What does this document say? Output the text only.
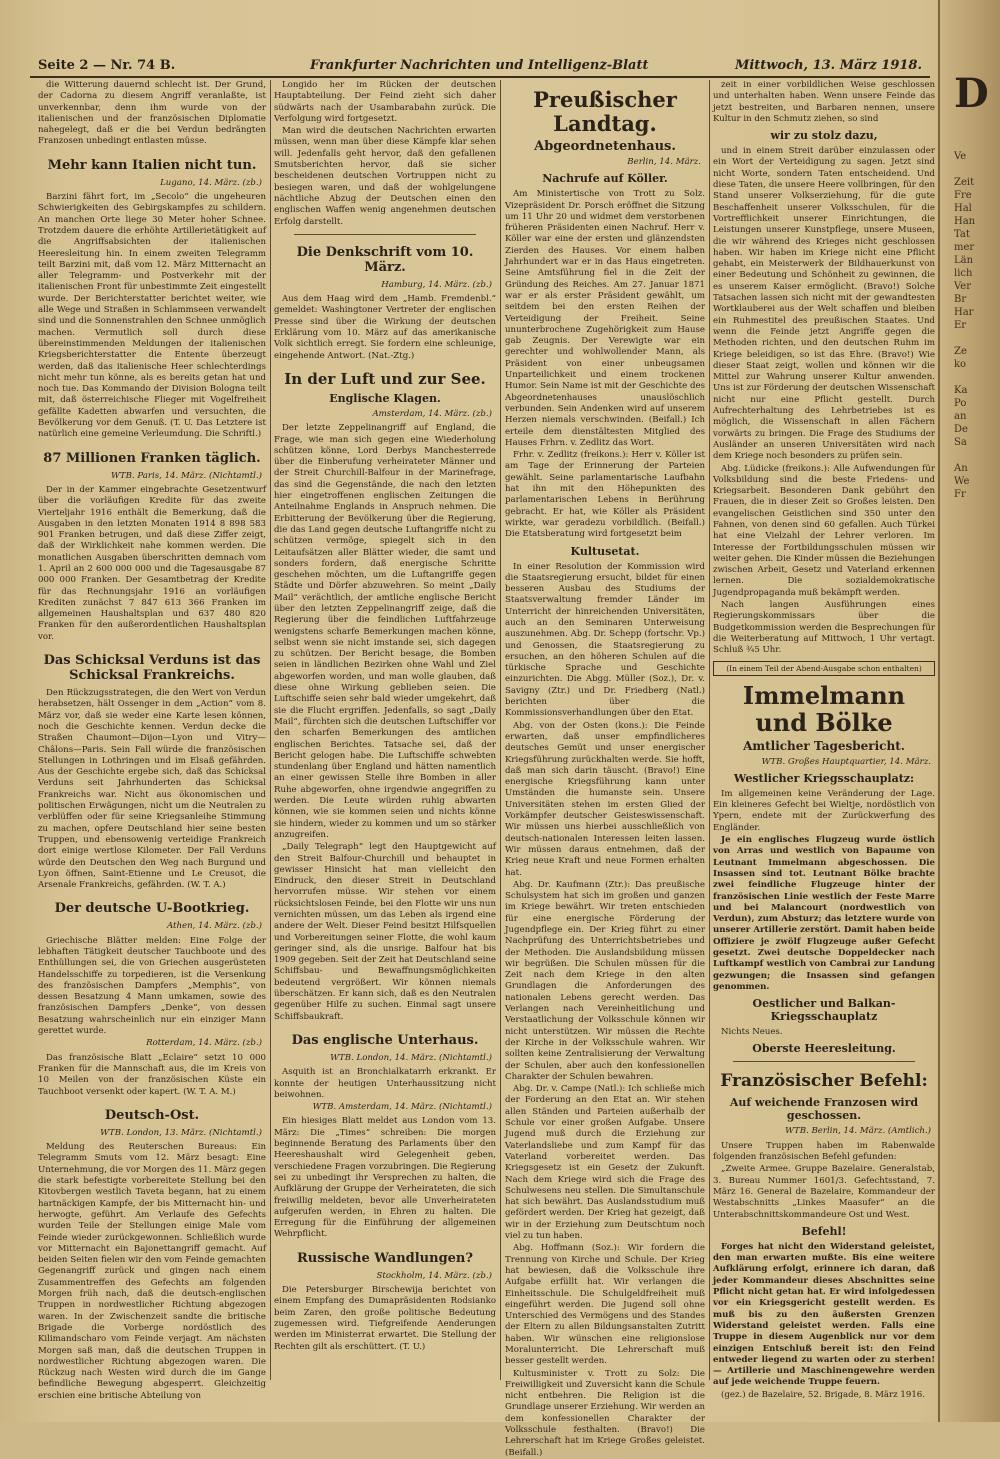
Seite 2 — Nr. 74 B.	Frankfurter Nachrichten und Intelligenz-Blatt	Mittwoch, 13. März 1918.

die Witterung dauernd schlecht ist. Der Grund, der Cadorna zu diesem Angriff veranlaßte, ist unverkennbar, denn ihm wurde von der italienischen und der französischen Diplomatie nahegelegt, daß er die bei Verdun bedrängten Franzosen unbedingt entlasten müsse.

Mehr kann Italien nicht tun.
Lugano, 14. März. (zb.)

Barzini fährt fort, im „Secolo“ die ungeheuren Schwierigkeiten des Gebirgskampfes zu schildern. An manchen Orte liege 30 Meter hoher Schnee. Trotzdem dauere die erhöhte Artillerietätigkeit auf die Angriffsabsichten der italienischen Heeresleitung hin. In einem zweiten Telegramm teilt Barzini mit, daß vom 12. März Mitternacht an aller Telegramm- und Postverkehr mit der italienischen Front für unbestimmte Zeit eingestellt wurde. Der Berichterstatter berichtet weiter, wie alle Wege und Straßen in Schlammseen verwandelt sind und die Sonnenstrahlen den Schnee unmöglich machen. Vermutlich soll durch diese übereinstimmenden Meldungen der italienischen Kriegsberichterstatter die Entente überzeugt werden, daß das italienische Heer schlechterdings nicht mehr tun könne, als es bereits getan hat und noch tue. Das Kommando der Division Bologna teilt mit, daß österreichische Flieger mit Vogelfreiheit gefällte Kadetten abwarfen und versuchten, die Bevölkerung vor dem Genuß. (T. U. Das Letztere ist natürlich eine gemeine Verleumdung. Die Schriftl.)

87 Millionen Franken täglich.
WTB. Paris, 14. März. (Nichtamtl.)

Der in der Kammer eingebrachte Gesetzentwurf über die vorläufigen Kredite für das zweite Vierteljahr 1916 enthält die Bemerkung, daß die Ausgaben in den letzten Monaten 1914 8 898 583 901 Franken betrugen, und daß diese Ziffer zeigt, daß der Wirklichkeit nahe kommen werden. Die monatlichen Ausgaben überschritten demnach vom 1. April an 2 600 000 000 und die Tagesausgabe 87 000 000 Franken. Der Gesamtbetrag der Kredite für das Rechnungsjahr 1916 an vorläufigen Krediten zunächst 7 847 613 366 Franken im allgemeinen Haushaltsplan und 637 480 820 Franken für den außerordentlichen Haushaltsplan vor.

Das Schicksal Verduns ist das Schicksal Frankreichs.

Den Rückzugsstrategen, die den Wert von Verdun herabsetzen, hält Ossenger in dem „Action“ vom 8. März vor, daß sie weder eine Karte lesen können, noch die Geschichte kennen. Verdun decke die Straßen Chaumont—Dijon—Lyon und Vitry—Châlons—Paris. Sein Fall würde die französischen Stellungen in Lothringen und im Elsaß gefährden. Aus der Geschichte ergebe sich, daß das Schicksal Verduns seit Jahrhunderten das Schicksal Frankreichs war. Nicht aus ökonomischen und politischen Erwägungen, nicht um die Neutralen zu verblüffen oder für seine Kriegsanleihe Stimmung zu machen, opfere Deutschland hier seine besten Truppen, und ebensowenig verteidige Frankreich dort einige wertlose Kilometer. Der Fall Verduns würde den Deutschen den Weg nach Burgund und Lyon öffnen, Saint-Etienne und Le Creusot, die Arsenale Frankreichs, gefährden. (W. T. A.)

Der deutsche U-Bootkrieg.
Athen, 14. März. (zb.)

Griechische Blätter melden: Eine Folge der lebhaften Tätigkeit deutscher Tauchboote und des Enthüllungen sei, die von Griechen ausgerüsteten Handelsschiffe zu torpedieren, ist die Versenkung des französischen Dampfers „Memphis“, von dessen Besatzung 4 Mann umkamen, sowie des französischen Dampfers „Denke“, von dessen Besatzung wahrscheinlich nur ein einziger Mann gerettet wurde.

Rotterdam, 14. März. (zb.)

Das französische Blatt „Eclaire“ setzt 10 000 Franken für die Mannschaft aus, die im Kreis von 10 Meilen von der französischen Küste ein Tauchboot versenkt oder kapert. (W. T. A. M.)

Deutsch-Ost.
WTB. London, 13. März. (Nichtamtl.)

Meldung des Reuterschen Bureaus: Ein Telegramm Smuts vom 12. März besagt: Eine Unternehmung, die vor Morgen des 11. März gegen die stark befestigte vorbereitete Stellung bei den Kitovbergen westlich Taveta begann, hat zu einem hartnäckigen Kampfe, der bis Mitternacht hin- und herwogte, geführt. Am Verlaufe des Gefechts wurden Teile der Stellungen einige Male vom Feinde wieder zurückgewonnen. Schließlich wurde vor Mitternacht ein Bajonettangriff gemacht. Auf beiden Seiten fielen wir den vom Feinde gemachten Gegenangriff zurück und gingen nach einem Zusammentreffen des Gefechts am folgenden Morgen früh nach, daß die deutsch-englischen Truppen in nordwestlicher Richtung abgezogen waren. In der Zwischenzeit sandte die britische Brigade die Vorberge nordöstlich des Kilimandscharo vom Feinde verjagt. Am nächsten Morgen saß man, daß die deutschen Truppen in nordwestlicher Richtung abgezogen waren. Die Rückzug nach Westen wird durch die im Gange befindliche Bewegung abgesperrt. Gleichzeitig erschien eine britische Abteilung von

Longido her im Rücken der deutschen Hauptabteilung. Der Feind zieht sich daher südwärts nach der Usambarabahn zurück. Die Verfolgung wird fortgesetzt.

Man wird die deutschen Nachrichten erwarten müssen, wenn man über diese Kämpfe klar sehen will. Jedenfalls geht hervor, daß den gefallenen Smutsberichten hervor, daß sie sicher bescheidenen deutschen Vortruppen nicht zu besiegen waren, und daß der wohlgelungene nächtliche Abzug der Deutschen einen den englischen Waffen wenig angenehmen deutschen Erfolg darstellt.

Die Denkschrift vom 10. März.
Hamburg, 14. März. (zb.)

Aus dem Haag wird dem „Hamb. Fremdenbl.“ gemeldet: Washingtoner Vertreter der englischen Presse sind über die Wirkung der deutschen Erklärung vom 10. März auf das amerikanische Volk sichtlich erregt. Sie fordern eine schleunige, eingehende Antwort. (Nat.-Ztg.)

In der Luft und zur See.
Englische Klagen.
Amsterdam, 14. März. (zb.)

Der letzte Zeppelinangriff auf England, die Frage, wie man sich gegen eine Wiederholung schützen könne, Lord Derbys Manchesterrede über die Einberufung verheirateter Männer und der Streit Churchill-Balfour in der Marinefrage, das sind die Gegenstände, die nach den letzten hier eingetroffenen englischen Zeitungen die Anteilnahme Englands in Anspruch nehmen. Die Erbitterung der Bevölkerung über die Regierung, die das Land gegen deutsche Luftangriffe nicht zu schützen vermöge, spiegelt sich in den Leitaufsätzen aller Blätter wieder, die samt und sonders fordern, daß energische Schritte geschehen möchten, um die Luftangriffe gegen Städte und Dörfer abzuwehren. So meint „Daily Mail“ verächtlich, der amtliche englische Bericht über den letzten Zeppelinangriff zeige, daß die Regierung über die feindlichen Luftfahrzeuge wenigstens scharfe Bemerkungen machen könne, selbst wenn sie nicht imstande sei, sich dagegen zu schützen. Der Bericht besage, die Bomben seien in ländlichen Bezirken ohne Wahl und Ziel abgeworfen worden, und man wolle glauben, daß diese ohne Wirkung geblieben seien. Die Luftschiffe seien sehr bald wieder umgekehrt, daß sie die Flucht ergriffen. Jedenfalls, so sagt „Daily Mail“, fürchten sich die deutschen Luftschiffer vor den scharfen Bemerkungen des amtlichen englischen Berichtes. Tatsache sei, daß der Bericht gelogen habe. Die Luftschiffe schwebten stundenlang über England und hätten namentlich an einer gewissen Stelle ihre Bomben in aller Ruhe abgeworfen, ohne irgendwie angegriffen zu werden. Die Leute würden ruhig abwarten können, wie sie kommen seien und nichts könne sie hindern, wieder zu kommen und um so stärker anzugreifen.

„Daily Telegraph“ legt den Hauptgewicht auf den Streit Balfour-Churchill und behauptet in gewisser Hinsicht hat man vielleicht den Eindruck, den dieser Streit in Deutschland hervorrufen müsse. Wir stehen vor einem rücksichtslosen Feinde, bei den Flotte wir uns nun vernichten müssen, um das Leben als irgend eine andere der Welt. Dieser Feind besitzt Hilfsquellen und Vorbereitungen seiner Flotte, die wohl kaum geringer sind, als die unsrige. Balfour hat bis 1909 gegeben. Seit der Zeit hat Deutschland seine Schiffsbau- und Bewaffnungsmöglichkeiten bedeutend vergrößert. Wir können niemals überschätzen. Er kann sich, daß es den Neutralen gegenüber Hilfe zu suchen. Einmal sagt unsere Schiffsbaukraft.

Das englische Unterhaus.
WTB. London, 14. März. (Nichtamtl.)

Asquith ist an Bronchialkatarrh erkrankt. Er konnte der heutigen Unterhaussitzung nicht beiwohnen.

WTB. Amsterdam, 14. März. (Nichtamtl.)

Ein hiesiges Blatt meldet aus London vom 13. März: Die „Times“ schreiben: Die morgen beginnende Beratung des Parlaments über den Heereshaushalt wird Gelegenheit geben, verschiedene Fragen vorzubringen. Die Regierung sei zu unbedingt ihr Versprechen zu halten, die Aufklärung der Gruppe der Verheirateten, die sich freiwillig meldeten, bevor alle Unverheirateten aufgerufen werden, in Ehren zu halten. Die Erregung für die Einführung der allgemeinen Wehrpflicht.

Russische Wandlungen?
Stockholm, 14. März. (zb.)

Die Petersburger Birschewija berichtet von einem Empfang des Dumapräsidenten Rodsianko beim Zaren, den große politische Bedeutung zugemessen wird. Tiefgreifende Aenderungen werden im Ministerrat erwartet. Die Stellung der Rechten gilt als erschüttert. (T. U.)

Preußischer Landtag.
Abgeordnetenhaus.
Berlin, 14. März.
Nachrufe auf Köller.

Am Ministertische von Trott zu Solz. Vizepräsident Dr. Porsch eröffnet die Sitzung um 11 Uhr 20 und widmet dem verstorbenen früheren Präsidenten einen Nachruf. Herr v. Köller war eine der ersten und glänzendsten Zierden des Hauses. Vor einem halben Jahrhundert war er in das Haus eingetreten. Seine Amtsführung fiel in die Zeit der Gründung des Reiches. Am 27. Januar 1871 war er als erster Präsident gewählt, um seitdem bei den ersten Reihen der Verteidigung der Freiheit. Seine ununterbrochene Zugehörigkeit zum Hause gab Zeugnis. Der Verewigte war ein gerechter und wohlwollender Mann, als Präsident von einer unbeugsamen Unparteilichkeit und einem trockenen Humor. Sein Name ist mit der Geschichte des Abgeordnetenhauses unauslöschlich verbunden. Sein Andenken wird auf unserem Herzen niemals verschwinden. (Beifall.) Ich erteile dem dienstältesten Mitglied des Hauses Frhrn. v. Zedlitz das Wort.

Frhr. v. Zedlitz (freikons.): Herr v. Köller ist am Tage der Erinnerung der Parteien gewählt. Seine parlamentarische Laufbahn hat ihn mit den Höhepunkten des parlamentarischen Lebens in Berührung gebracht. Er hat, wie Köller als Präsident wirkte, war geradezu vorbildlich. (Beifall.) Die Etatsberatung wird fortgesetzt beim

Kultusetat.

In einer Resolution der Kommission wird die Staatsregierung ersucht, bildet für einen besseren Ausbau des Studiums der Staatsverwaltung fremder Länder im Unterricht der hinreichenden Universitäten, auch an den Seminaren Unterweisung auszunehmen. Abg. Dr. Schepp (fortschr. Vp.) und Genossen, die Staatsregierung zu ersuchen, an den höheren Schulen auf die türkische Sprache und Geschichte einzurichten. Die Abgg. Müller (Soz.), Dr. v. Savigny (Ztr.) und Dr. Friedberg (Natl.) berichten über die Kommissionsverhandlungen über den Etat.

Abg. von der Osten (kons.): Die Feinde erwarten, daß unser empfindlicheres deutsches Gemüt und unser energischer Kriegsführung zurückhalten werde. Sie hofft, daß man sich darin täuscht. (Bravo!) Eine energische Kriegsführung kann unter Umständen die humanste sein. Unsere Universitäten stehen im ersten Glied der Vorkämpfer deutscher Geisteswissenschaft. Wir müssen uns hierbei ausschließlich von deutsch-nationalen Interessen leiten lassen. Wir müssen daraus entnehmen, daß der Krieg neue Kraft und neue Formen erhalten hat.

Abg. Dr. Kaufmann (Ztr.): Das preußische Schulsystem hat sich im großen und ganzen im Kriege bewährt. Wir treten entschieden für eine energische Förderung der Jugendpflege ein. Der Krieg führt zu einer Nachprüfung des Unterrichtsbetriebes und der Methoden. Die Auslandsbildung müssen wir begrüßen. Die Schulen müssen für die Zeit nach dem Kriege in den alten Grundlagen die Anforderungen des nationalen Lebens gerecht werden. Das Verlangen nach Vereinheitlichung und Verstaatlichung der Volksschule können wir nicht unterstützen. Wir müssen die Rechte der Kirche in der Volksschule wahren. Wir sollten keine Zentralisierung der Verwaltung der Schulen, aber auch den konfessionellen Charakter der Schulen bewahren.

Abg. Dr. v. Campe (Natl.): Ich schließe mich der Forderung an den Etat an. Wir stehen allen Ständen und Parteien außerhalb der Schule vor einer großen Aufgabe. Unsere Jugend muß durch die Erziehung zur Vaterlandsliebe und zum Kampf für das Vaterland vorbereitet werden. Das Kriegsgesetz ist ein Gesetz der Zukunft. Nach dem Kriege wird sich die Frage des Schulwesens neu stellen. Die Simultanschule hat sich bewährt. Das Auslandsstudium muß gefördert werden. Der Krieg hat gezeigt, daß wir in der Erziehung zum Deutschtum noch viel zu tun haben.

Abg. Hoffmann (Soz.): Wir fordern die Trennung von Kirche und Schule. Der Krieg hat bewiesen, daß die Volksschule ihre Aufgabe erfüllt hat. Wir verlangen die Einheitsschule. Die Schulgeldfreiheit muß eingeführt werden. Die Jugend soll ohne Unterschied des Vermögens und des Standes der Eltern zu allen Bildungsanstalten Zutritt haben. Wir wünschen eine religionslose Moralunterricht. Die Lehrerschaft muß besser gestellt werden.

Kultusminister v. Trott zu Solz: Die Freiwilligkeit und Zuversicht kann die Schule nicht entbehren. Die Religion ist die Grundlage unserer Erziehung. Wir werden an dem konfessionellen Charakter der Volksschule festhalten. (Bravo!) Die Lehrerschaft hat im Kriege Großes geleistet. (Beifall.)

zeit in einer vorbildlichen Weise geschlossen und unterhalten haben. Wenn unsere Feinde das jetzt bestreiten, und Barbaren nennen, unsere Kultur in den Schmutz ziehen, so sind

wir zu stolz dazu,

und in einem Streit darüber einzulassen oder ein Wort der Verteidigung zu sagen. Jetzt sind nicht Worte, sondern Taten entscheidend. Und diese Taten, die unsere Heere vollbringen, für den Stand unserer Volkserziehung, für die gute Beschaffenheit unserer Volksschulen, für die Vortrefflichkeit unserer Einrichtungen, die Leistungen unserer Kunstpflege, unsere Museen, die wir während des Krieges nicht geschlossen haben. Wir haben im Kriege nicht eine Pflicht gehabt, ein Meisterwerk der Bildhauerkunst von einer Bedeutung und Schönheit zu gewinnen, die es unserem Kaiser ermöglicht. (Bravo!) Solche Tatsachen lassen sich nicht mit der gewandtesten Wortklauberei aus der Welt schaffen und bleiben ein Ruhmestitel des preußischen Staates. Und wenn die Feinde jetzt Angriffe gegen die Methoden richten, und den deutschen Ruhm im Kriege beleidigen, so ist das Ehre. (Bravo!) Wie dieser Staat zeigt, wollen und können wir die Mittel zur Wahrung unserer Kultur anwenden. Uns ist zur Förderung der deutschen Wissenschaft nicht nur eine Pflicht gestellt. Durch Aufrechterhaltung des Lehrbetriebes ist es möglich, die Wissenschaft in allen Fächern vorwärts zu bringen. Die Frage des Studiums der Ausländer an unseren Universitäten wird nach dem Kriege noch besonders zu prüfen sein.

Abg. Lüdicke (freikons.): Alle Aufwendungen für Volksbildung sind die beste Friedens- und Kriegsarbeit. Besonderen Dank gebührt den Frauen, die in dieser Zeit so Großes leisten. Den evangelischen Geistlichen sind 350 unter den Fahnen, von denen sind 60 gefallen. Auch Türkei hat eine Vielzahl der Lehrer verloren. Im Interesse der Fortbildungsschulen müssen wir weiter gehen. Die Kinder müssen die Beziehungen zwischen Arbeit, Gesetz und Vaterland erkennen lernen. Die sozialdemokratische Jugendpropaganda muß bekämpft werden.

Nach langen Ausführungen eines Regierungskommissars über die Budgetkommission werden die Besprechungen für die Weiterberatung auf Mittwoch, 1 Uhr vertagt. Schluß ¾5 Uhr.

(In einem Teil der Abend-Ausgabe schon enthalten)
Immelmann und Bölke
Amtlicher Tagesbericht.
WTB. Großes Hauptquartier, 14. März.
Westlicher Kriegsschauplatz:

Im allgemeinen keine Veränderung der Lage. Ein kleineres Gefecht bei Wieltje, nordöstlich von Ypern, endete mit der Zurückwerfung des Engländer.

Je ein englisches Flugzeug wurde östlich von Arras und westlich von Bapaume von Leutnant Immelmann abgeschossen. Die Insassen sind tot. Leutnant Bölke brachte zwei feindliche Flugzeuge hinter der französischen Linie westlich der Feste Marre und bei Malancourt (nordwestlich von Verdun), zum Absturz; das letztere wurde von unserer Artillerie zerstört. Damit haben beide Offiziere je zwölf Flugzeuge außer Gefecht gesetzt. Zwei deutsche Doppeldecker nach Luftkampf westlich von Cambrai zur Landung gezwungen; die Insassen sind gefangen genommen.

Oestlicher und Balkan-Kriegsschauplatz

Nichts Neues.

Oberste Heeresleitung.
Französischer Befehl:
Auf weichende Franzosen wird geschossen.
WTB. Berlin, 14. März. (Amtlich.)

Unsere Truppen haben im Rabenwalde folgenden französischen Befehl gefunden:

„Zweite Armee. Gruppe Bazelaire. Generalstab, 3. Bureau Nummer 1601/3. Gefechtsstand, 7. März 16. General de Bazelaire, Kommandeur der Westabschnitts „Linkes Maasufer“ an die Unterabschnittskommandeure Ost und West.

Befehl!

Forges hat nicht den Widerstand geleistet, den man erwarten mußte. Bis eine weitere Aufklärung erfolgt, erinnere ich daran, daß jeder Kommandeur dieses Abschnittes seine Pflicht nicht getan hat. Er wird infolgedessen vor ein Kriegsgericht gestellt werden. Es muß bis zu den äußersten Grenzen Widerstand geleistet werden. Falls eine Truppe in diesem Augenblick nur vor dem einzigen Entschluß bereit ist: den Feind entweder liegend zu warten oder zu sterben! — Artillerie und Maschinengewehre werden auf jede weichende Truppe feuern.

(gez.) de Bazelaire, 52. Brigade, 8. März 1916.

D
Ve

Zeit
Fre
Hal
Han
Tat
mer
Län
lich
Ver
Br
Har
Er

Ze
ko

Ka
Po
an
De
Sa

An
We
Fr
